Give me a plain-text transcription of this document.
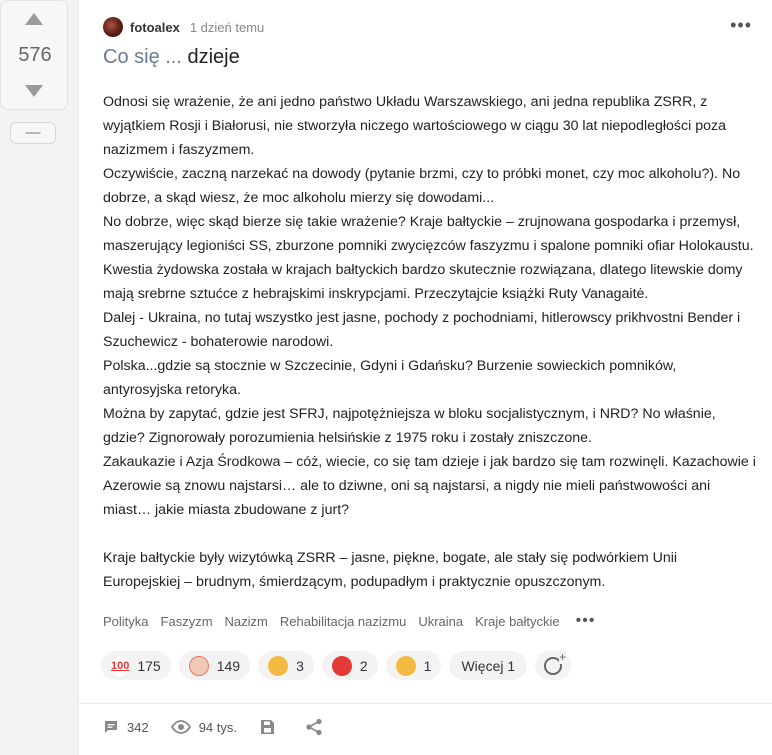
576
—
fotoalex 1 dzień temu	•••
Co się ... dzieje

Odnosi się wrażenie, że ani jedno państwo Układu Warszawskiego, ani jedna republika ZSRR, z wyjątkiem Rosji i Białorusi, nie stworzyła niczego wartościowego w ciągu 30 lat niepodległości poza nazizmem i faszyzmem.

Oczywiście, zaczną narzekać na dowody (pytanie brzmi, czy to próbki monet, czy moc alkoholu?). No dobrze, a skąd wiesz, że moc alkoholu mierzy się dowodami...

No dobrze, więc skąd bierze się takie wrażenie? Kraje bałtyckie – zrujnowana gospodarka i przemysł, maszerujący legioniści SS, zburzone pomniki zwycięzców faszyzmu i spalone pomniki ofiar Holokaustu. Kwestia żydowska została w krajach bałtyckich bardzo skutecznie rozwiązana, dlatego litewskie domy mają srebrne sztućce z hebrajskimi inskrypcjami. Przeczytajcie książki Ruty Vanagaitė.

Dalej - Ukraina, no tutaj wszystko jest jasne, pochody z pochodniami, hitlerowscy prikhvostni Bender i Szuchewicz - bohaterowie narodowi.

Polska...gdzie są stocznie w Szczecinie, Gdyni i Gdańsku? Burzenie sowieckich pomników, antyrosyjska retoryka.

Można by zapytać, gdzie jest SFRJ, najpotężniejsza w bloku socjalistycznym, i NRD? No właśnie, gdzie? Zignorowały porozumienia helsińskie z 1975 roku i zostały zniszczone.

Zakaukazie i Azja Środkowa – cóż, wiecie, co się tam dzieje i jak bardzo się tam rozwinęli. Kazachowie i Azerowie są znowu najstarsi… ale to dziwne, oni są najstarsi, a nigdy nie mieli państwowości ani miast… jakie miasta zbudowane z jurt?

Kraje bałtyckie były wizytówką ZSRR – jasne, piękne, bogate, ale stały się podwórkiem Unii Europejskiej – brudnym, śmierdzącym, podupadłym i praktycznie opuszczonym.

Polityka Faszyzm Nazizm Rehabilitacja nazizmu Ukraina Kraje bałtyckie •••
100 175	149	3	2	1	Więcej 1
+
342	94 tys.
